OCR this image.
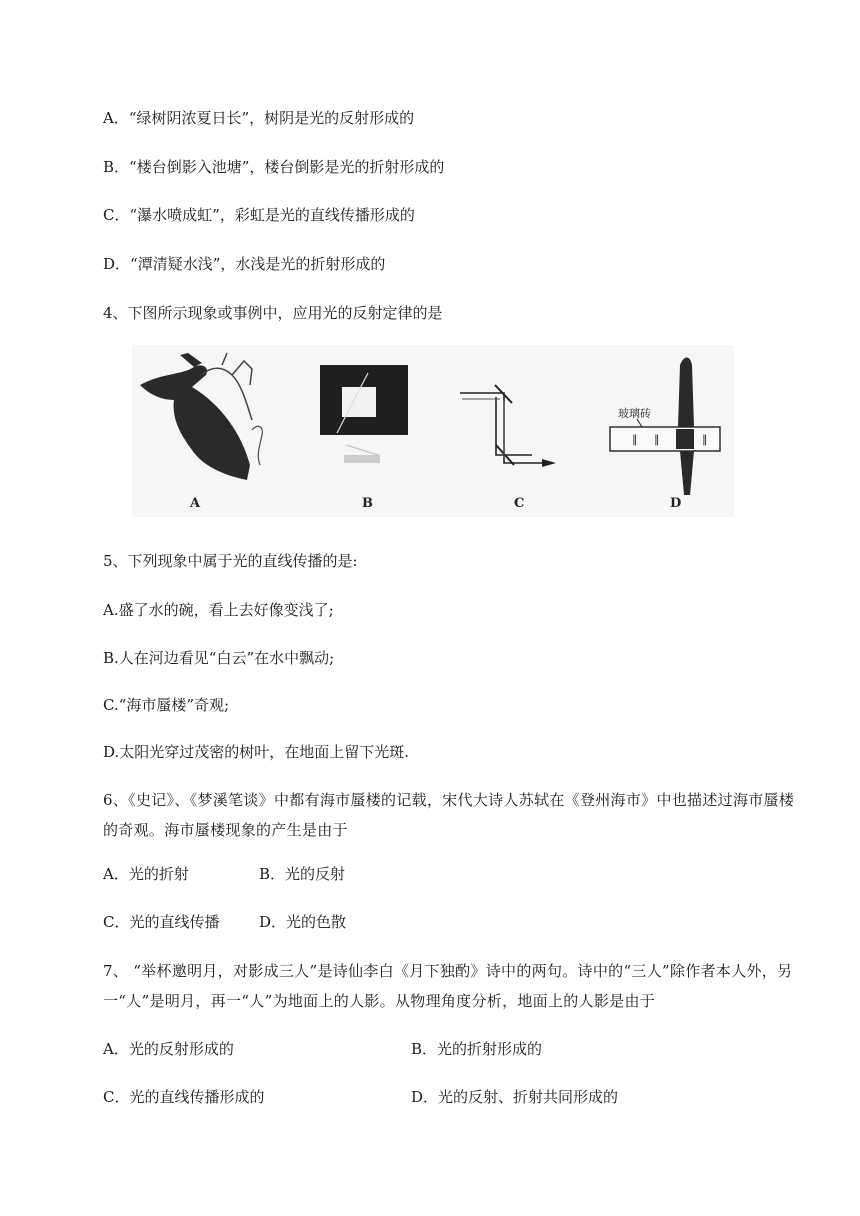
A．“绿树阴浓夏日长”，树阴是光的反射形成的
B．“楼台倒影入池塘”，楼台倒影是光的折射形成的
C．“瀑水喷成虹”，彩虹是光的直线传播形成的
D．“潭清疑水浅”，水浅是光的折射形成的
4、下图所示现象或事例中，应用光的反射定律的是
A	B	C
玻璃砖
∥ ∥	∥
D
5、下列现象中属于光的直线传播的是:
A.盛了水的碗，看上去好像变浅了;
B.人在河边看见“白云”在水中飘动;
C.“海市蜃楼”奇观;
D.太阳光穿过茂密的树叶，在地面上留下光斑.
6、《史记》、《梦溪笔谈》中都有海市蜃楼的记载，宋代大诗人苏轼在《登州海市》中也描述过海市蜃楼的奇观。海市蜃楼现象的产生是由于
A．光的折射	B．光的反射
C．光的直线传播	D．光的色散
7、 “举杯邀明月，对影成三人”是诗仙李白《月下独酌》诗中的两句。诗中的“三人”除作者本人外，另一“人”是明月，再一“人”为地面上的人影。从物理角度分析，地面上的人影是由于
A．光的反射形成的	B．光的折射形成的
C．光的直线传播形成的	D．光的反射、折射共同形成的
